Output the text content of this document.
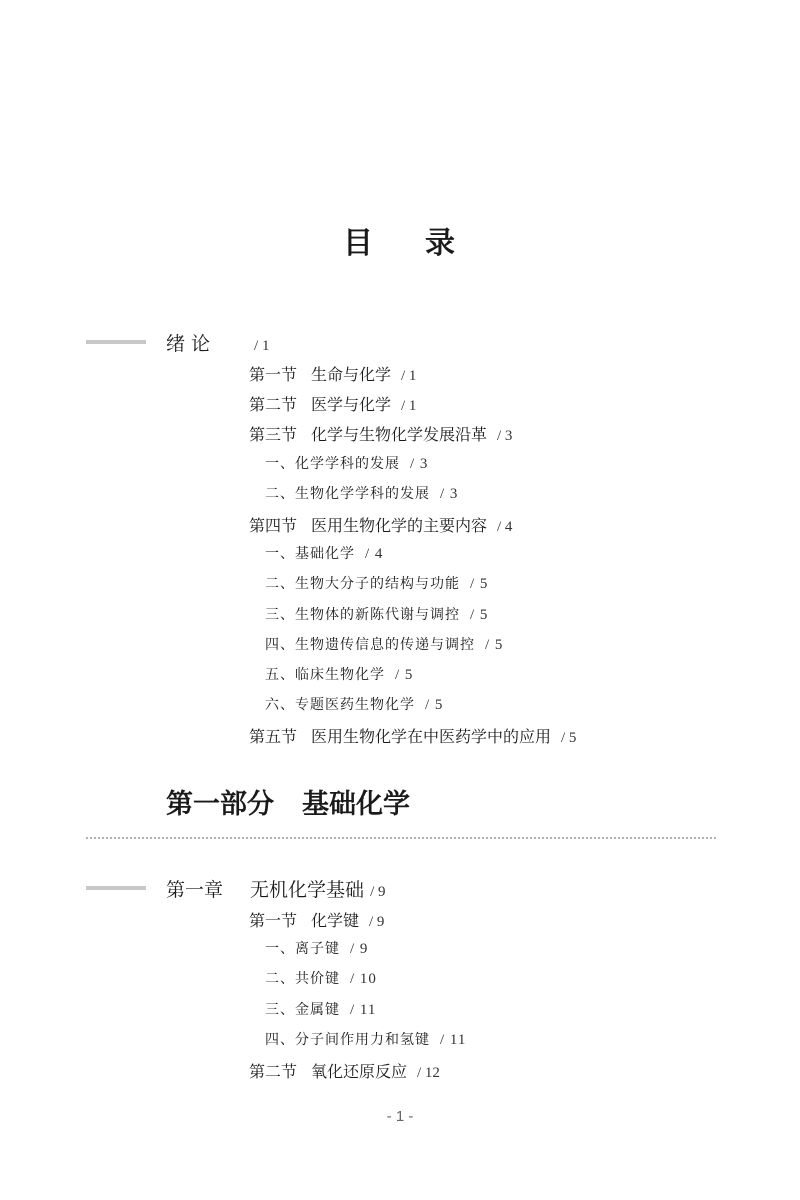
目 录
绪 论	/ 1
第一节 生命与化学 / 1
第二节 医学与化学 / 1
第三节 化学与生物化学发展沿革 / 3
一、化学学科的发展 / 3
二、生物化学学科的发展 / 3
第四节 医用生物化学的主要内容 / 4
一、基础化学 / 4
二、生物大分子的结构与功能 / 5
三、生物体的新陈代谢与调控 / 5
四、生物遗传信息的传递与调控 / 5
五、临床生物化学 / 5
六、专题医药生物化学 / 5
第五节 医用生物化学在中医药学中的应用 / 5
第一部分 基础化学
第一章 无机化学基础 / 9
第一节 化学键 / 9
一、离子键 / 9
二、共价键 / 10
三、金属键 / 11
四、分子间作用力和氢键 / 11
第二节 氧化还原反应 / 12
- 1 -
